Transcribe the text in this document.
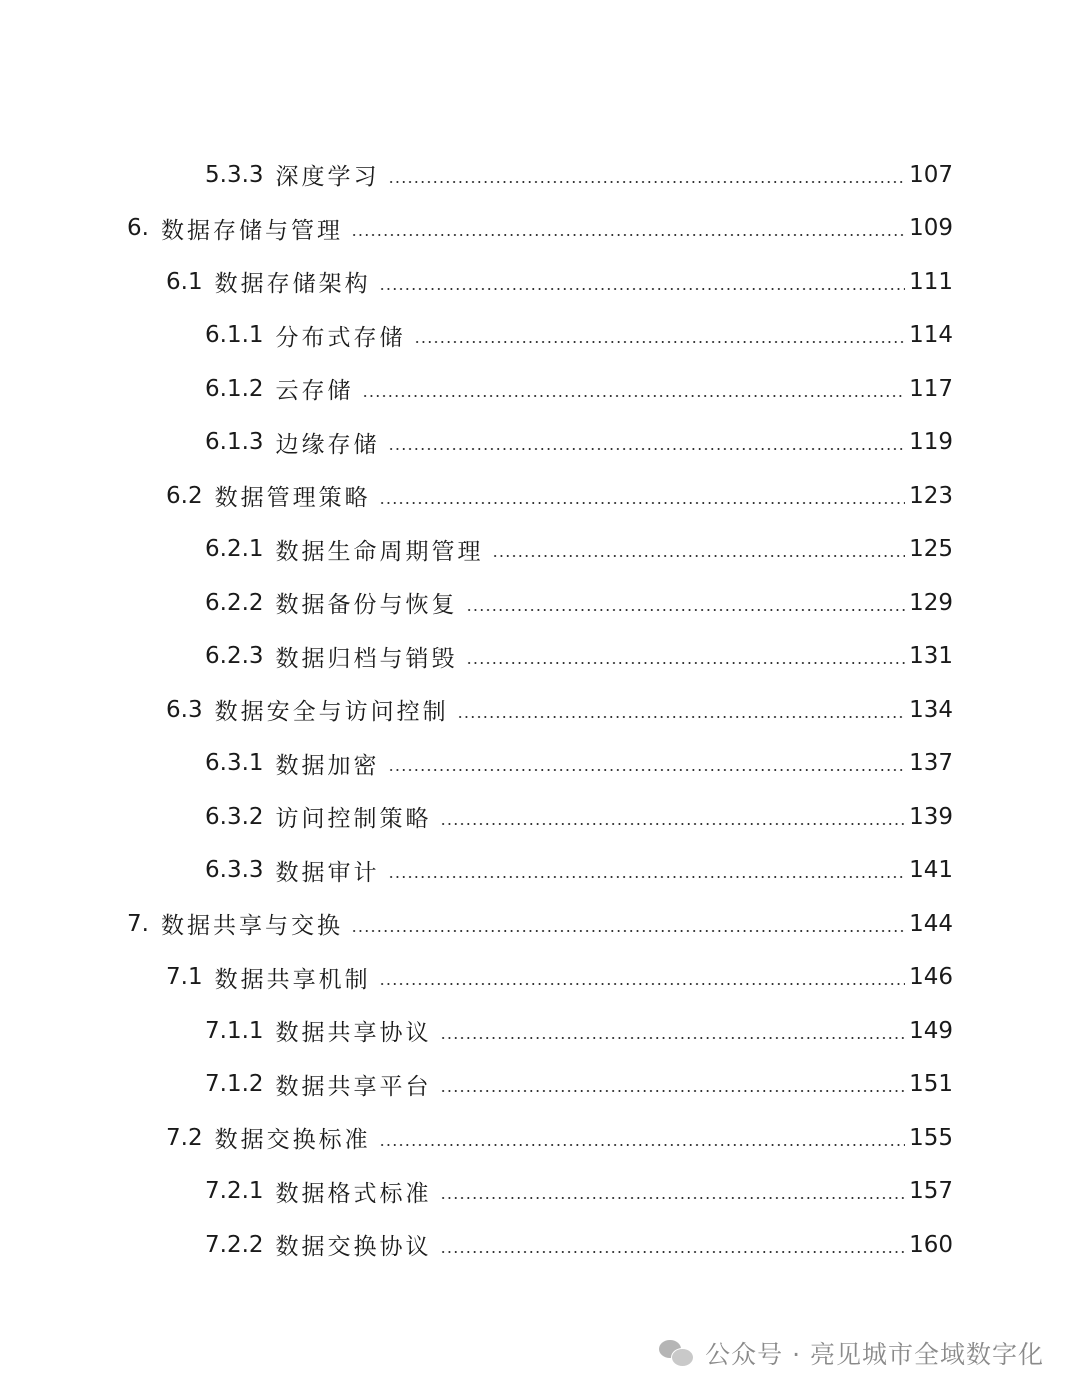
5.3.3 深度学习	107
6. 数据存储与管理	109
6.1 数据存储架构	111
6.1.1 分布式存储	114
6.1.2 云存储	117
6.1.3 边缘存储	119
6.2 数据管理策略	123
6.2.1 数据生命周期管理	125
6.2.2 数据备份与恢复	129
6.2.3 数据归档与销毁	131
6.3 数据安全与访问控制	134
6.3.1 数据加密	137
6.3.2 访问控制策略	139
6.3.3 数据审计	141
7. 数据共享与交换	144
7.1 数据共享机制	146
7.1.1 数据共享协议	149
7.1.2 数据共享平台	151
7.2 数据交换标准	155
7.2.1 数据格式标准	157
7.2.2 数据交换协议	160
公众号 · 亮见城市全域数字化
